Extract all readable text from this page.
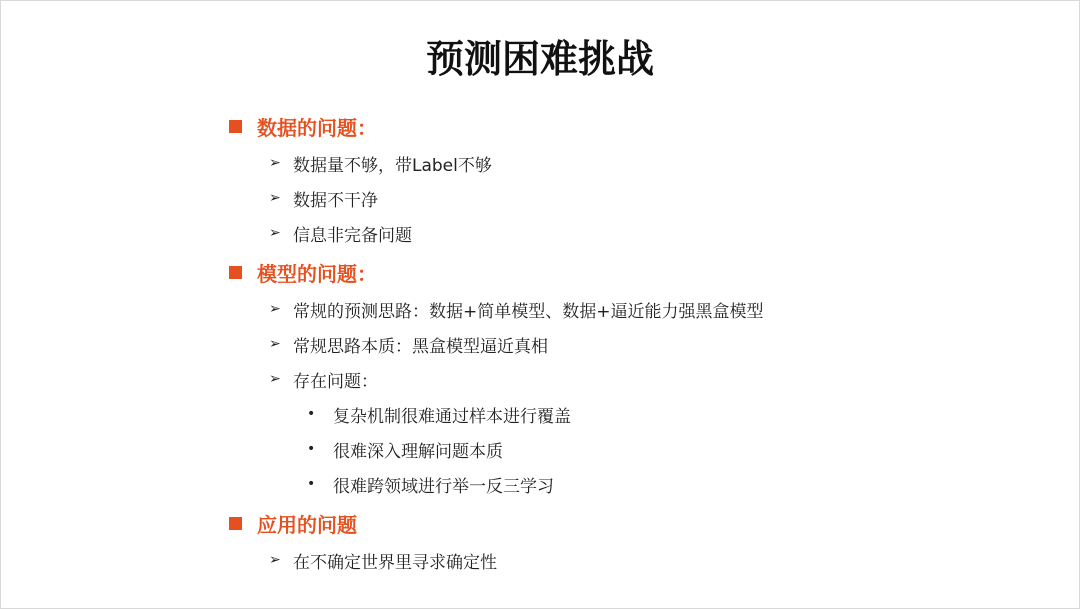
预测困难挑战
数据的问题：
➢ 数据量不够，带Label不够
➢ 数据不干净
➢ 信息非完备问题
模型的问题：
➢ 常规的预测思路：数据+简单模型、数据+逼近能力强黑盒模型
➢ 常规思路本质：黑盒模型逼近真相
➢ 存在问题：
•	复杂机制很难通过样本进行覆盖
•	很难深入理解问题本质
•	很难跨领域进行举一反三学习
应用的问题
➢ 在不确定世界里寻求确定性
